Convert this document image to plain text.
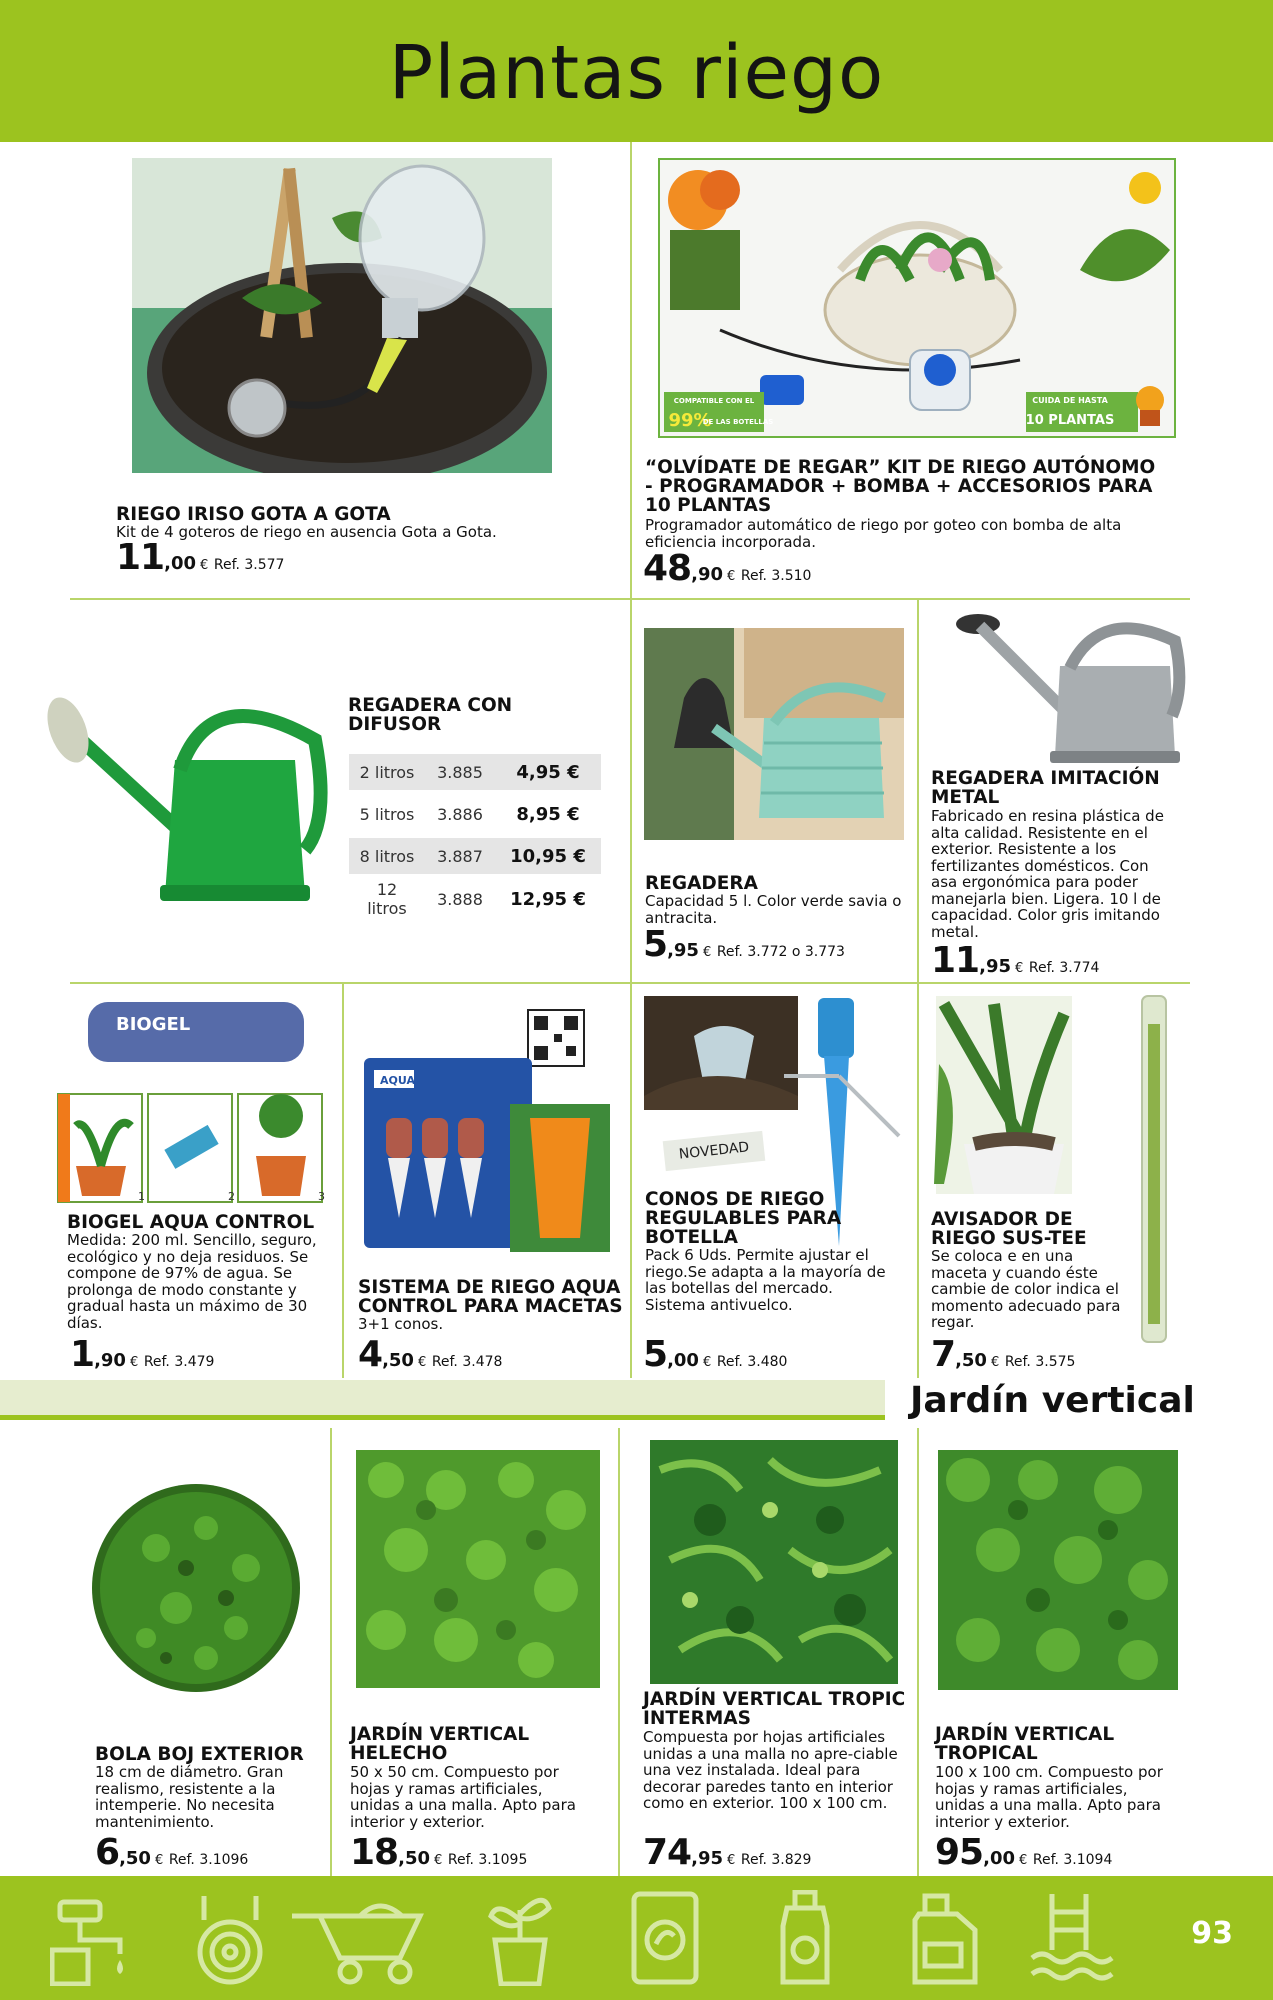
Plantas riego
RIEGO IRISO GOTA A GOTA
Kit de 4 goteros de riego en ausencia Gota a Gota.
11,00 € Ref. 3.577
COMPATIBLE CON EL
99%
DE LAS BOTELLAS
CUIDA DE HASTA
10 PLANTAS
“OLVÍDATE DE REGAR” KIT DE RIEGO AUTÓNOMO - PROGRAMADOR + BOMBA + ACCESORIOS PARA 10 PLANTAS
Programador automático de riego por goteo con bomba de alta eficiencia incorporada.
48,90 € Ref. 3.510
REGADERA CON DIFUSOR
2 litros	3.885	4,95 €
5 litros	3.886	8,95 €
8 litros	3.887	10,95 €
12 litros	3.888	12,95 €
REGADERA
Capacidad 5 l. Color verde savia o antracita.
5,95 € Ref. 3.772 o 3.773
REGADERA IMITACIÓN METAL
Fabricado en resina plástica de alta calidad. Resistente en el exterior. Resistente a los fertilizantes domésticos. Con asa ergonómica para poder manejarla bien. Ligera. 10 l de capacidad. Color gris imitando metal.
11,95 € Ref. 3.774
BIOGEL
1	2	3
BIOGEL AQUA CONTROL
Medida: 200 ml. Sencillo, seguro, ecológico y no deja residuos. Se compone de 97% de agua. Se prolonga de modo constante y gradual hasta un máximo de 30 días.
1,90 € Ref. 3.479
AQUA
SISTEMA DE RIEGO AQUA CONTROL PARA MACETAS
3+1 conos.
4,50 € Ref. 3.478
NOVEDAD
CONOS DE RIEGO REGULABLES PARA BOTELLA
Pack 6 Uds. Permite ajustar el riego.Se adapta a la mayoría de las botellas del mercado. Sistema antivuelco.
5,00 € Ref. 3.480
AVISADOR DE RIEGO SUS-TEE
Se coloca e en una maceta y cuando éste cambie de color indica el momento adecuado para regar.
7,50 € Ref. 3.575
Jardín vertical
BOLA BOJ EXTERIOR
18 cm de diámetro. Gran realismo, resistente a la intemperie. No necesita mantenimiento.
6,50 € Ref. 3.1096
JARDÍN VERTICAL HELECHO
50 x 50 cm. Compuesto por hojas y ramas artificiales, unidas a una malla. Apto para interior y exterior.
18,50 € Ref. 3.1095
JARDÍN VERTICAL TROPIC INTERMAS
Compuesta por hojas artificiales unidas a una malla no apre-ciable una vez instalada. Ideal para decorar paredes tanto en interior como en exterior. 100 x 100 cm.
74,95 € Ref. 3.829
JARDÍN VERTICAL TROPICAL
100 x 100 cm. Compuesto por hojas y ramas artificiales, unidas a una malla. Apto para interior y exterior.
95,00 € Ref. 3.1094
93
